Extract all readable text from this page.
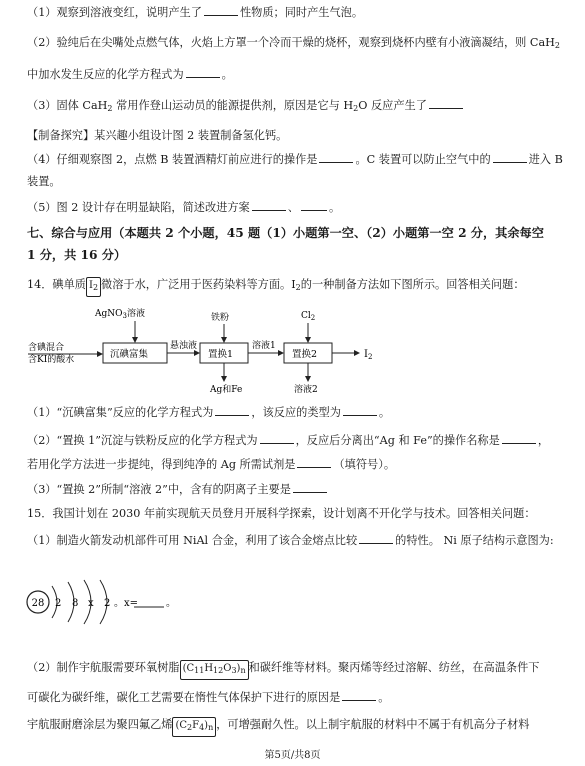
（1）观察到溶液变红，说明产生了	性物质；同时产生气泡。
（2）验纯后在尖嘴处点燃气体，火焰上方罩一个冷而干燥的烧杯，观察到烧杯内壁有小液滴凝结，则 CaH$_2$
中加水发生反应的化学方程式为	。
（3）固体 CaH$_2$ 常用作登山运动员的能源提供剂，原因是它与 $H_2O$ 反应产生了
【制备探究】某兴趣小组设计图 2 装置制备氢化钙。
（4）仔细观察图 2，点燃 B 装置酒精灯前应进行的操作是	。C 装置可以防止空气中的	进入 B
装置。
（5）图 2 设计存在明显缺陷，简述改进方案	、	。
七、综合与应用（本题共 2 个小题，45 题（1）小题第一空、（2）小题第一空 2 分，其余每空
1 分，共 16 分）
14．碘单质 $I_2$ 微溶于水，广泛用于医药染料等方面。$I_2$的一种制备方法如下图所示。回答相关问题：
含碘混合
含KI的酸水	沉碘富集
AgNO$_3$溶液
悬浊液
置换1
铁粉
Ag和Fe
溶液1
置换2
$Cl_2$
溶液2
$I_2$
（1）“沉碘富集”反应的化学方程式为	，该反应的类型为	。
（2）“置换 1”沉淀与铁粉反应的化学方程式为	，反应后分离出“Ag 和 Fe”的操作名称是	，
若用化学方法进一步提纯，得到纯净的 Ag 所需试剂是	（填符号）。
（3）“置换 2”所制“溶液 2”中，含有的阴离子主要是
15．我国计划在 2030 年前实现航天员登月开展科学探索，设计划离不开化学与技术。回答相关问题：
（1）制造火箭发动机部件可用 NiAl 合金，利用了该合金熔点比较	的特性。 Ni 原子结构示意图为:
28 2 8 x 2 。x=	。
（2）制作宇航服需要环氧树脂 $(C_{11}H_{12}O_3)_n$ 和碳纤维等材料。聚丙烯等经过溶解、纺丝，在高温条件下
可碳化为碳纤维，碳化工艺需要在惰性气体保护下进行的原因是	。
宇航服耐磨涂层为聚四氟乙烯 $(C_2F_4)_n$ ，可增强耐久性。以上制宇航服的材料中不属于有机高分子材料
第5页/共8页
